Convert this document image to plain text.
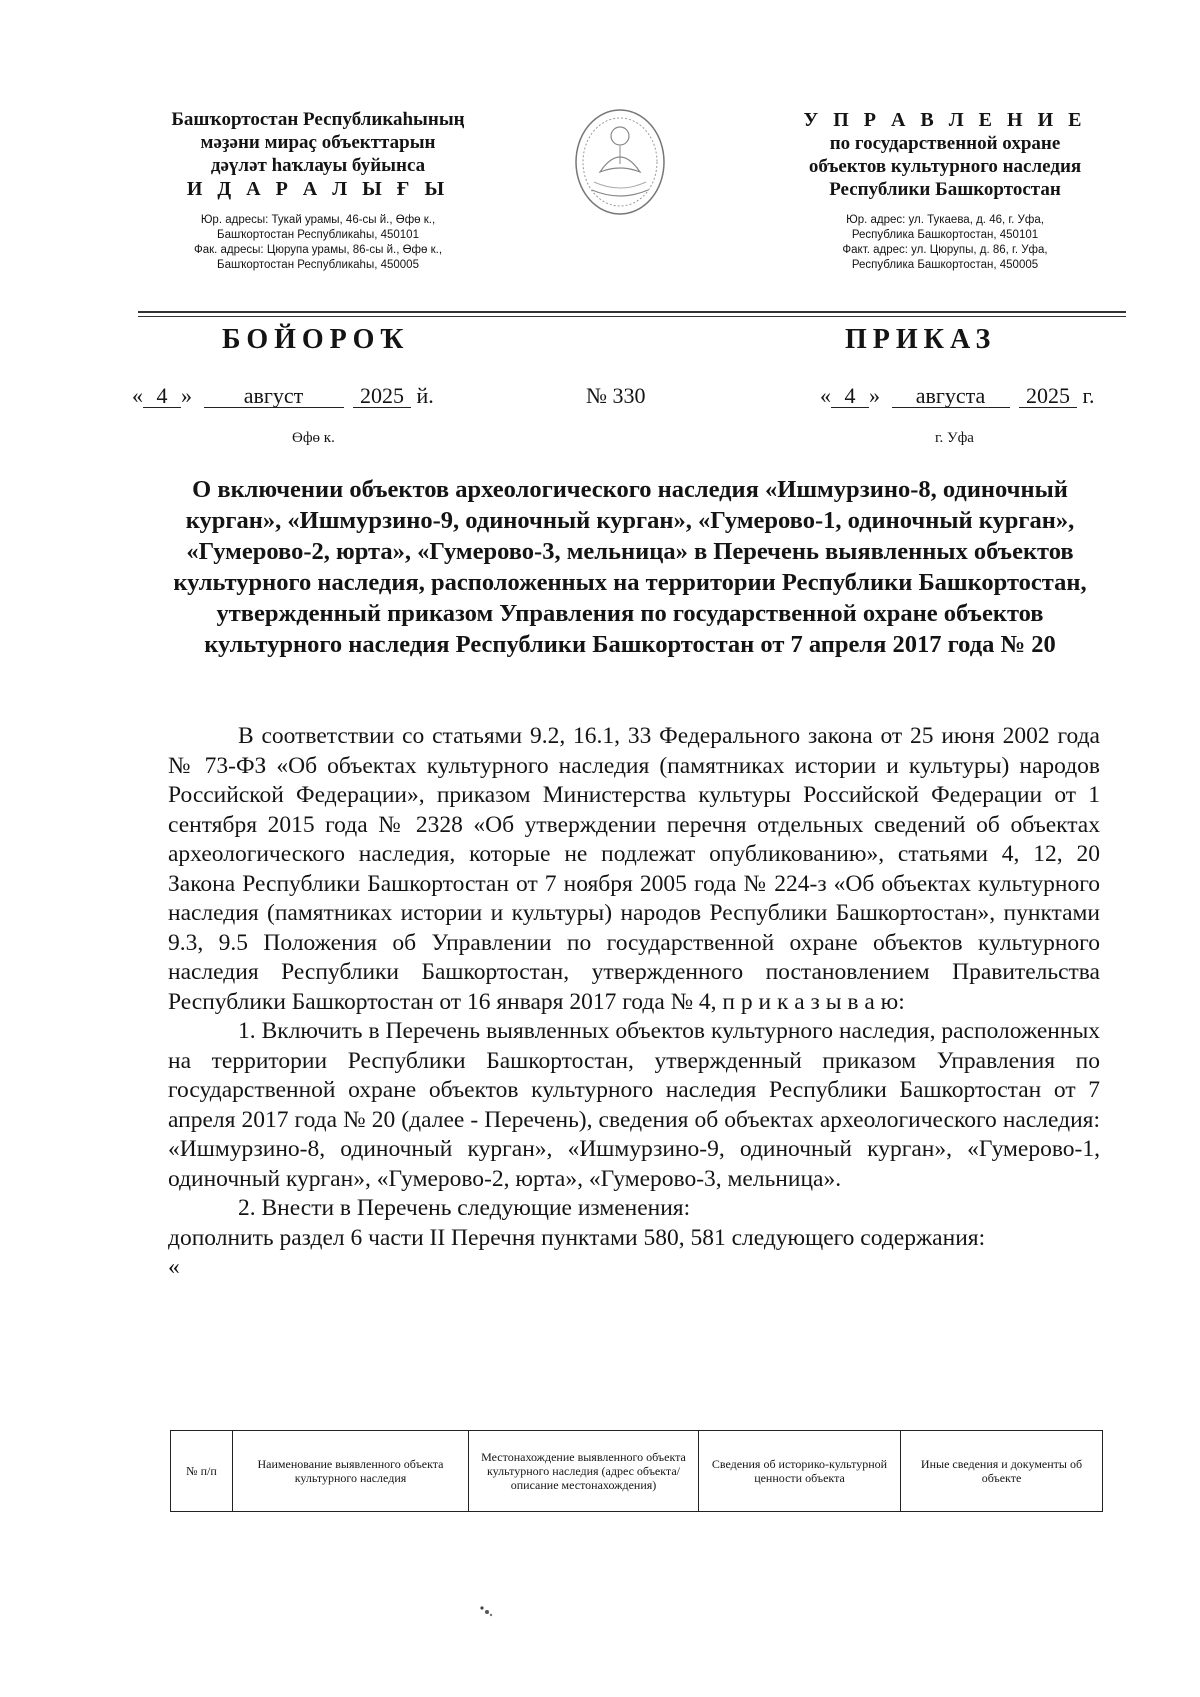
Башҡортостан Республикаһының
мәҙәни мираҫ объекттарын
дәүләт һаҡлауы буйынса
И Д А Р А Л Ы Ғ Ы
Юр. адресы: Тукай урамы, 46-сы й., Өфө к.,
Башҡортостан Республикаһы, 450101
Фак. адресы: Цюрупа урамы, 86-сы й., Өфө к.,
Башҡортостан Республикаһы, 450005
У П Р А В Л Е Н И Е
по государственной охране
объектов культурного наследия
Республики Башкортостан
Юр. адрес: ул. Тукаева, д. 46, г. Уфа,
Республика Башкортостан, 450101
Факт. адрес: ул. Цюрупы, д. 86, г. Уфа,
Республика Башкортостан, 450005
БОЙОРОҠ	ПРИКАЗ
« 4 » август	2025 й.	№ 330	« 4 » августа 2025 г.
Өфө к.	г. Уфа
О включении объектов археологического наследия «Ишмурзино-8, одиночный курган», «Ишмурзино-9, одиночный курган», «Гумерово-1, одиночный курган», «Гумерово-2, юрта», «Гумерово-3, мельница» в Перечень выявленных объектов культурного наследия, расположенных на территории Республики Башкортостан, утвержденный приказом Управления по государственной охране объектов культурного наследия Республики Башкортостан от 7 апреля 2017 года № 20

В соответствии со статьями 9.2, 16.1, 33 Федерального закона от 25 июня 2002 года № 73-ФЗ «Об объектах культурного наследия (памятниках истории и культуры) народов Российской Федерации», приказом Министерства культуры Российской Федерации от 1 сентября 2015 года № 2328 «Об утверждении перечня отдельных сведений об объектах археологического наследия, которые не подлежат опубликованию», статьями 4, 12, 20 Закона Республики Башкортостан от 7 ноября 2005 года № 224-з «Об объектах культурного наследия (памятниках истории и культуры) народов Республики Башкортостан», пунктами 9.3, 9.5 Положения об Управлении по государственной охране объектов культурного наследия Республики Башкортостан, утвержденного постановлением Правительства Республики Башкортостан от 16 января 2017 года № 4, п р и к а з ы в а ю:

1. Включить в Перечень выявленных объектов культурного наследия, расположенных на территории Республики Башкортостан, утвержденный приказом Управления по государственной охране объектов культурного наследия Республики Башкортостан от 7 апреля 2017 года № 20 (далее - Перечень), сведения об объектах археологического наследия: «Ишмурзино-8, одиночный курган», «Ишмурзино-9, одиночный курган», «Гумерово-1, одиночный курган», «Гумерово-2, юрта», «Гумерово-3, мельница».

2. Внести в Перечень следующие изменения:

дополнить раздел 6 части II Перечня пунктами 580, 581 следующего содержания:

«

№ п/п	Наименование выявленного объекта культурного наследия	Местонахождение выявленного объекта культурного наследия (адрес объекта/описание местонахождения)	Сведения об историко-культурной ценности объекта	Иные сведения и документы об объекте
